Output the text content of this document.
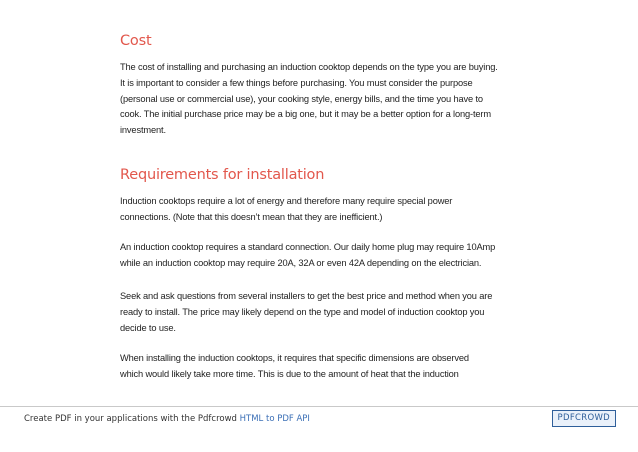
Cost

The cost of installing and purchasing an induction cooktop depends on the type you are buying.
It is important to consider a few things before purchasing. You must consider the purpose
(personal use or commercial use), your cooking style, energy bills, and the time you have to
cook. The initial purchase price may be a big one, but it may be a better option for a long-term
investment.

Requirements for installation

Induction cooktops require a lot of energy and therefore many require special power
connections. (Note that this doesn’t mean that they are inefficient.)

An induction cooktop requires a standard connection. Our daily home plug may require 10Amp
while an induction cooktop may require 20A, 32A or even 42A depending on the electrician.

Seek and ask questions from several installers to get the best price and method when you are
ready to install. The price may likely depend on the type and model of induction cooktop you
decide to use.

When installing the induction cooktops, it requires that specific dimensions are observed
which would likely take more time. This is due to the amount of heat that the induction

Create PDF in your applications with the Pdfcrowd HTML to PDF API	PDFCROWD
